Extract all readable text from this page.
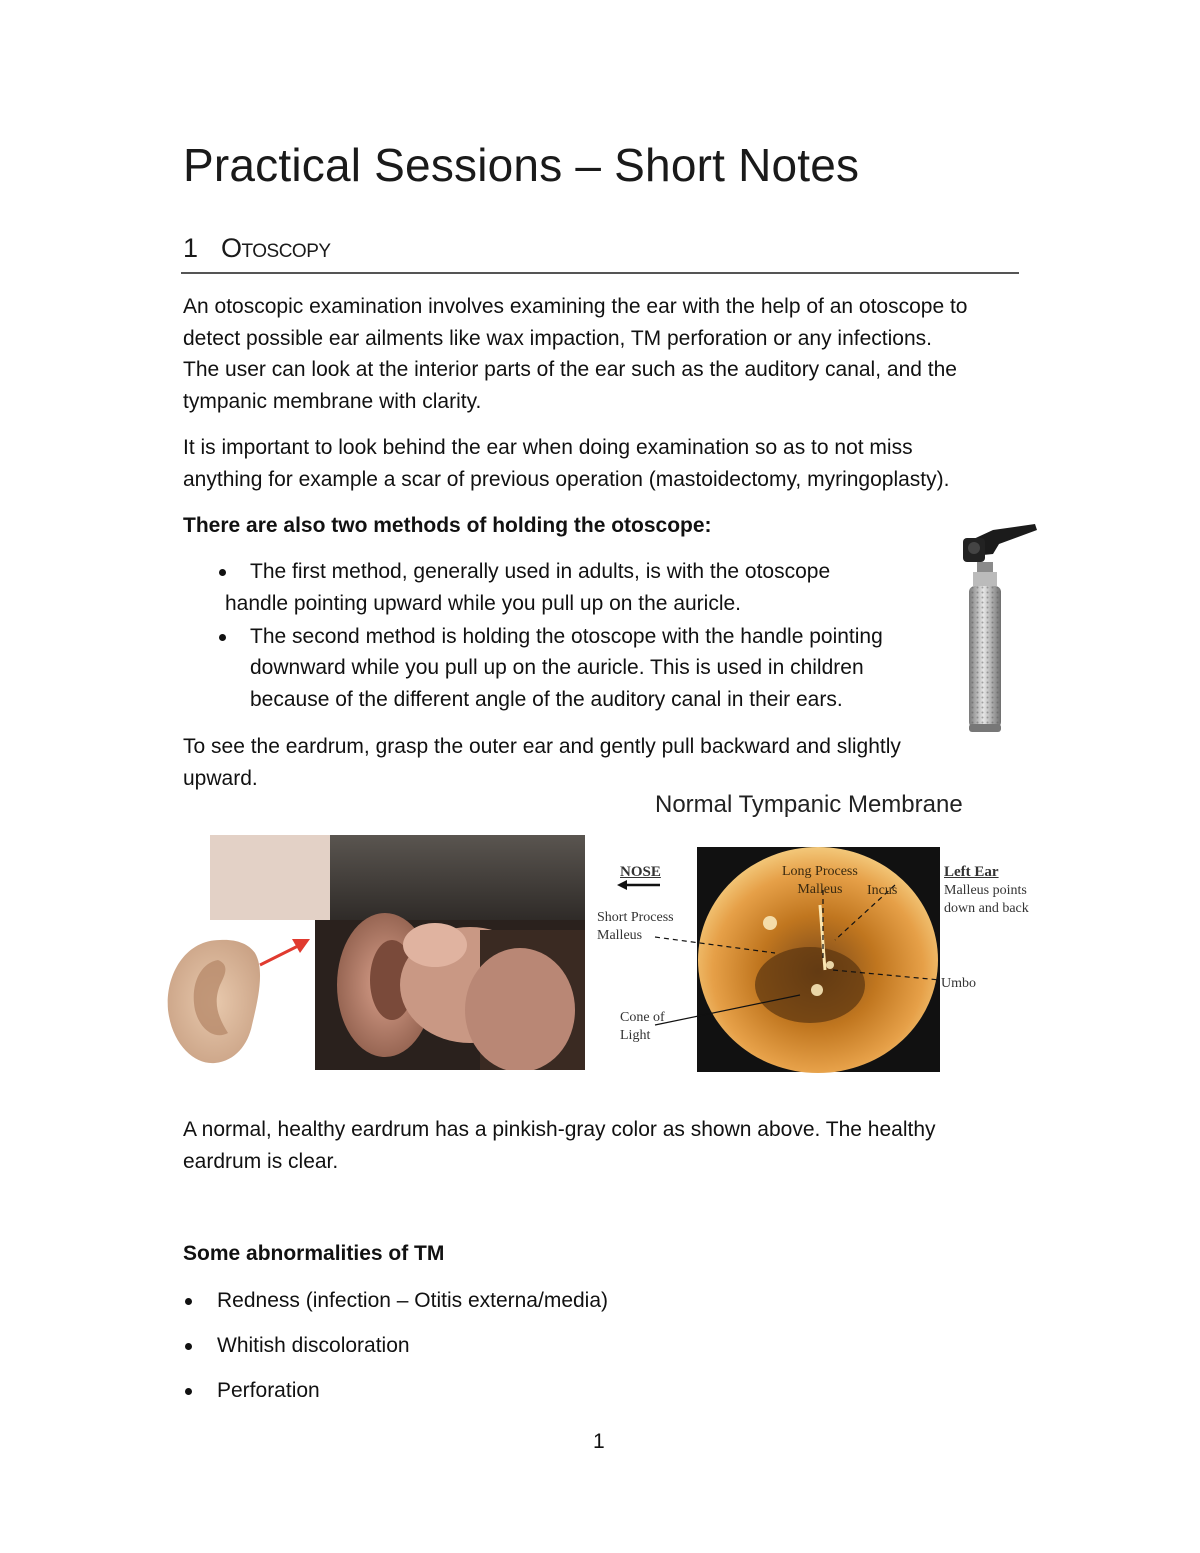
Practical Sessions – Short Notes
1 Otoscopy

An otoscopic examination involves examining the ear with the help of an otoscope to

detect possible ear ailments like wax impaction, TM perforation or any infections.

The user can look at the interior parts of the ear such as the auditory canal, and the

tympanic membrane with clarity.

It is important to look behind the ear when doing examination so as to not miss

anything for example a scar of previous operation (mastoidectomy, myringoplasty).

There are also two methods of holding the otoscope:
The first method, generally used in adults, is with the otoscope
handle pointing upward while you pull up on the auricle.
The second method is holding the otoscope with the handle pointing
downward while you pull up on the auricle. This is used in children
because of the different angle of the auditory canal in their ears.

To see the eardrum, grasp the outer ear and gently pull backward and slightly

upward.

Normal Tympanic Membrane
NOSE
Short Process
Malleus
Cone of
Light
Long Process
Malleus	Incus
Left Ear
Malleus points
down and back
Umbo

A normal, healthy eardrum has a pinkish-gray color as shown above. The healthy

eardrum is clear.

Some abnormalities of TM
Redness (infection – Otitis externa/media)
Whitish discoloration
Perforation
1
